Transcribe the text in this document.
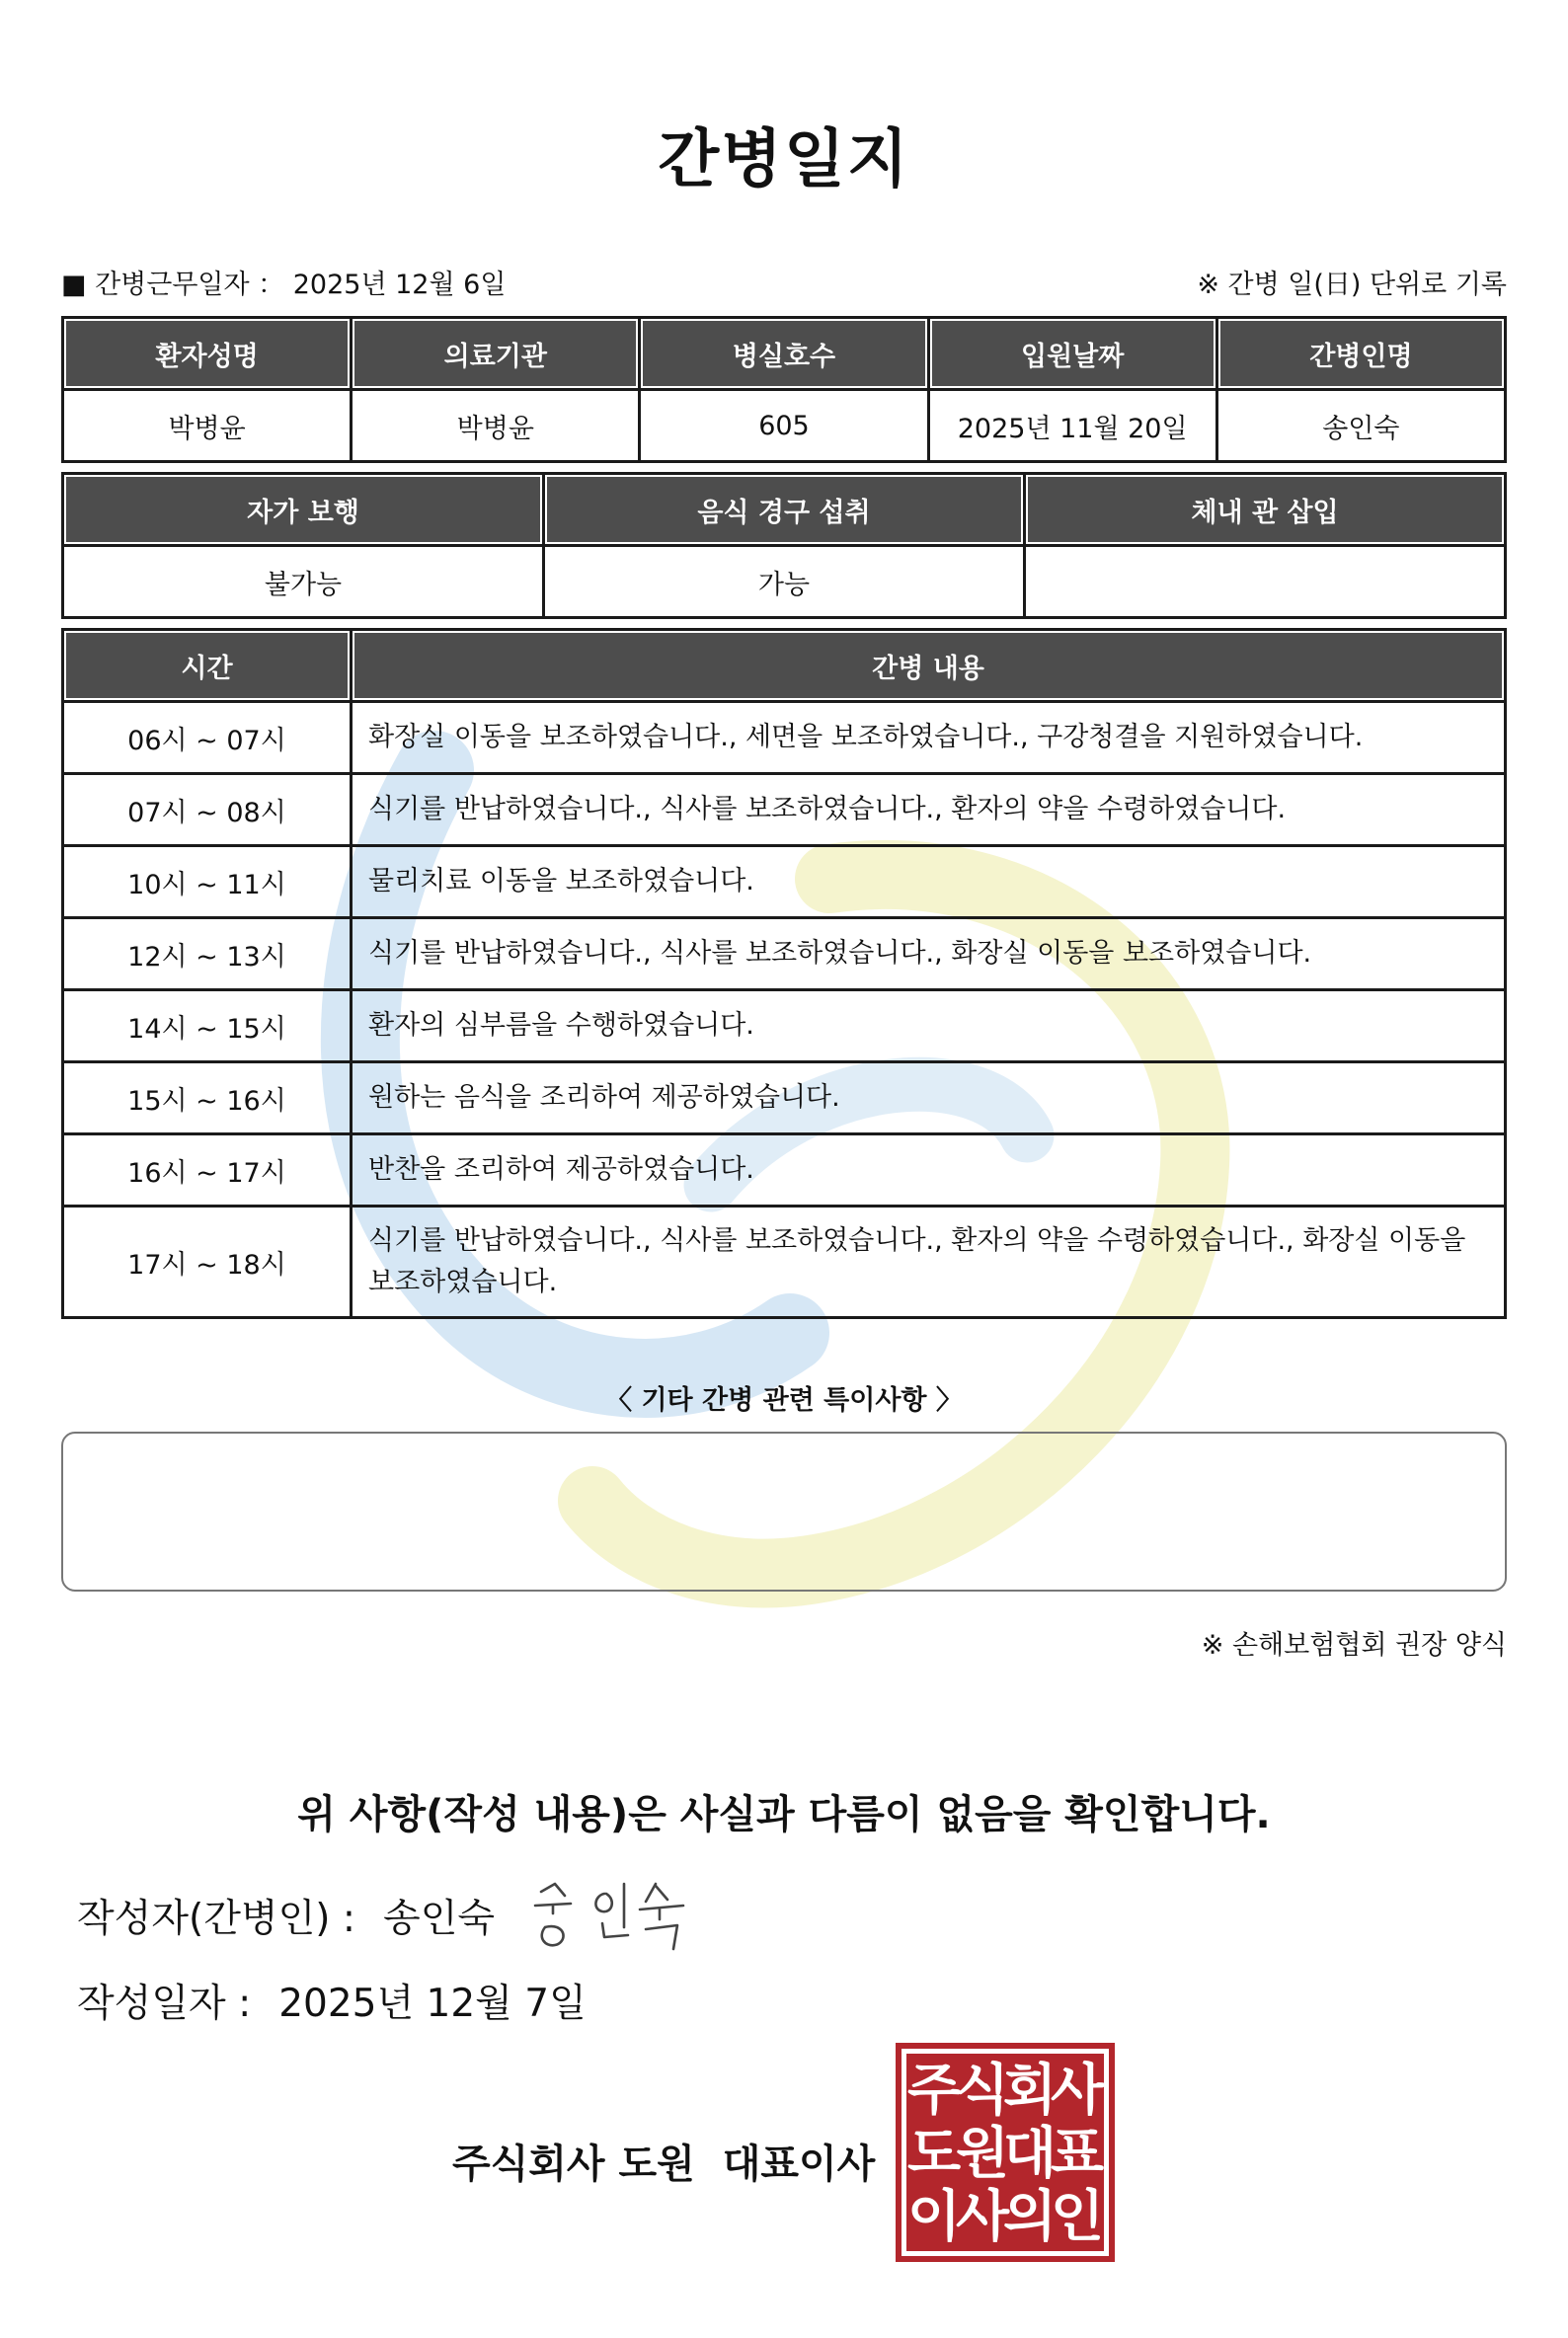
간병일지
■ 간병근무일자 ： 2025년 12월 6일	※ 간병 일(日) 단위로 기록
환자성명	의료기관	병실호수	입원날짜	간병인명
박병윤	박병윤	605	2025년 11월 20일	송인숙
자가 보행	음식 경구 섭취	체내 관 삽입
불가능	가능	
시간	간병 내용
06시 ~ 07시	화장실 이동을 보조하였습니다., 세면을 보조하였습니다., 구강청결을 지원하였습니다.
07시 ~ 08시	식기를 반납하였습니다., 식사를 보조하였습니다., 환자의 약을 수령하였습니다.
10시 ~ 11시	물리치료 이동을 보조하였습니다.
12시 ~ 13시	식기를 반납하였습니다., 식사를 보조하였습니다., 화장실 이동을 보조하였습니다.
14시 ~ 15시	환자의 심부름을 수행하였습니다.
15시 ~ 16시	원하는 음식을 조리하여 제공하였습니다.
16시 ~ 17시	반찬을 조리하여 제공하였습니다.
17시 ~ 18시	식기를 반납하였습니다., 식사를 보조하였습니다., 환자의 약을 수령하였습니다., 화장실 이동을 보조하였습니다.
〈 기타 간병 관련 특이사항 〉
※ 손해보험협회 권장 양식
위 사항(작성 내용)은 사실과 다름이 없음을 확인합니다.
작성자(간병인) : 송인숙
작성일자 : 2025년 12월 7일
주식회사 도원 대표이사
주
식
회
사
도
원
대
표
이
사
의
인
